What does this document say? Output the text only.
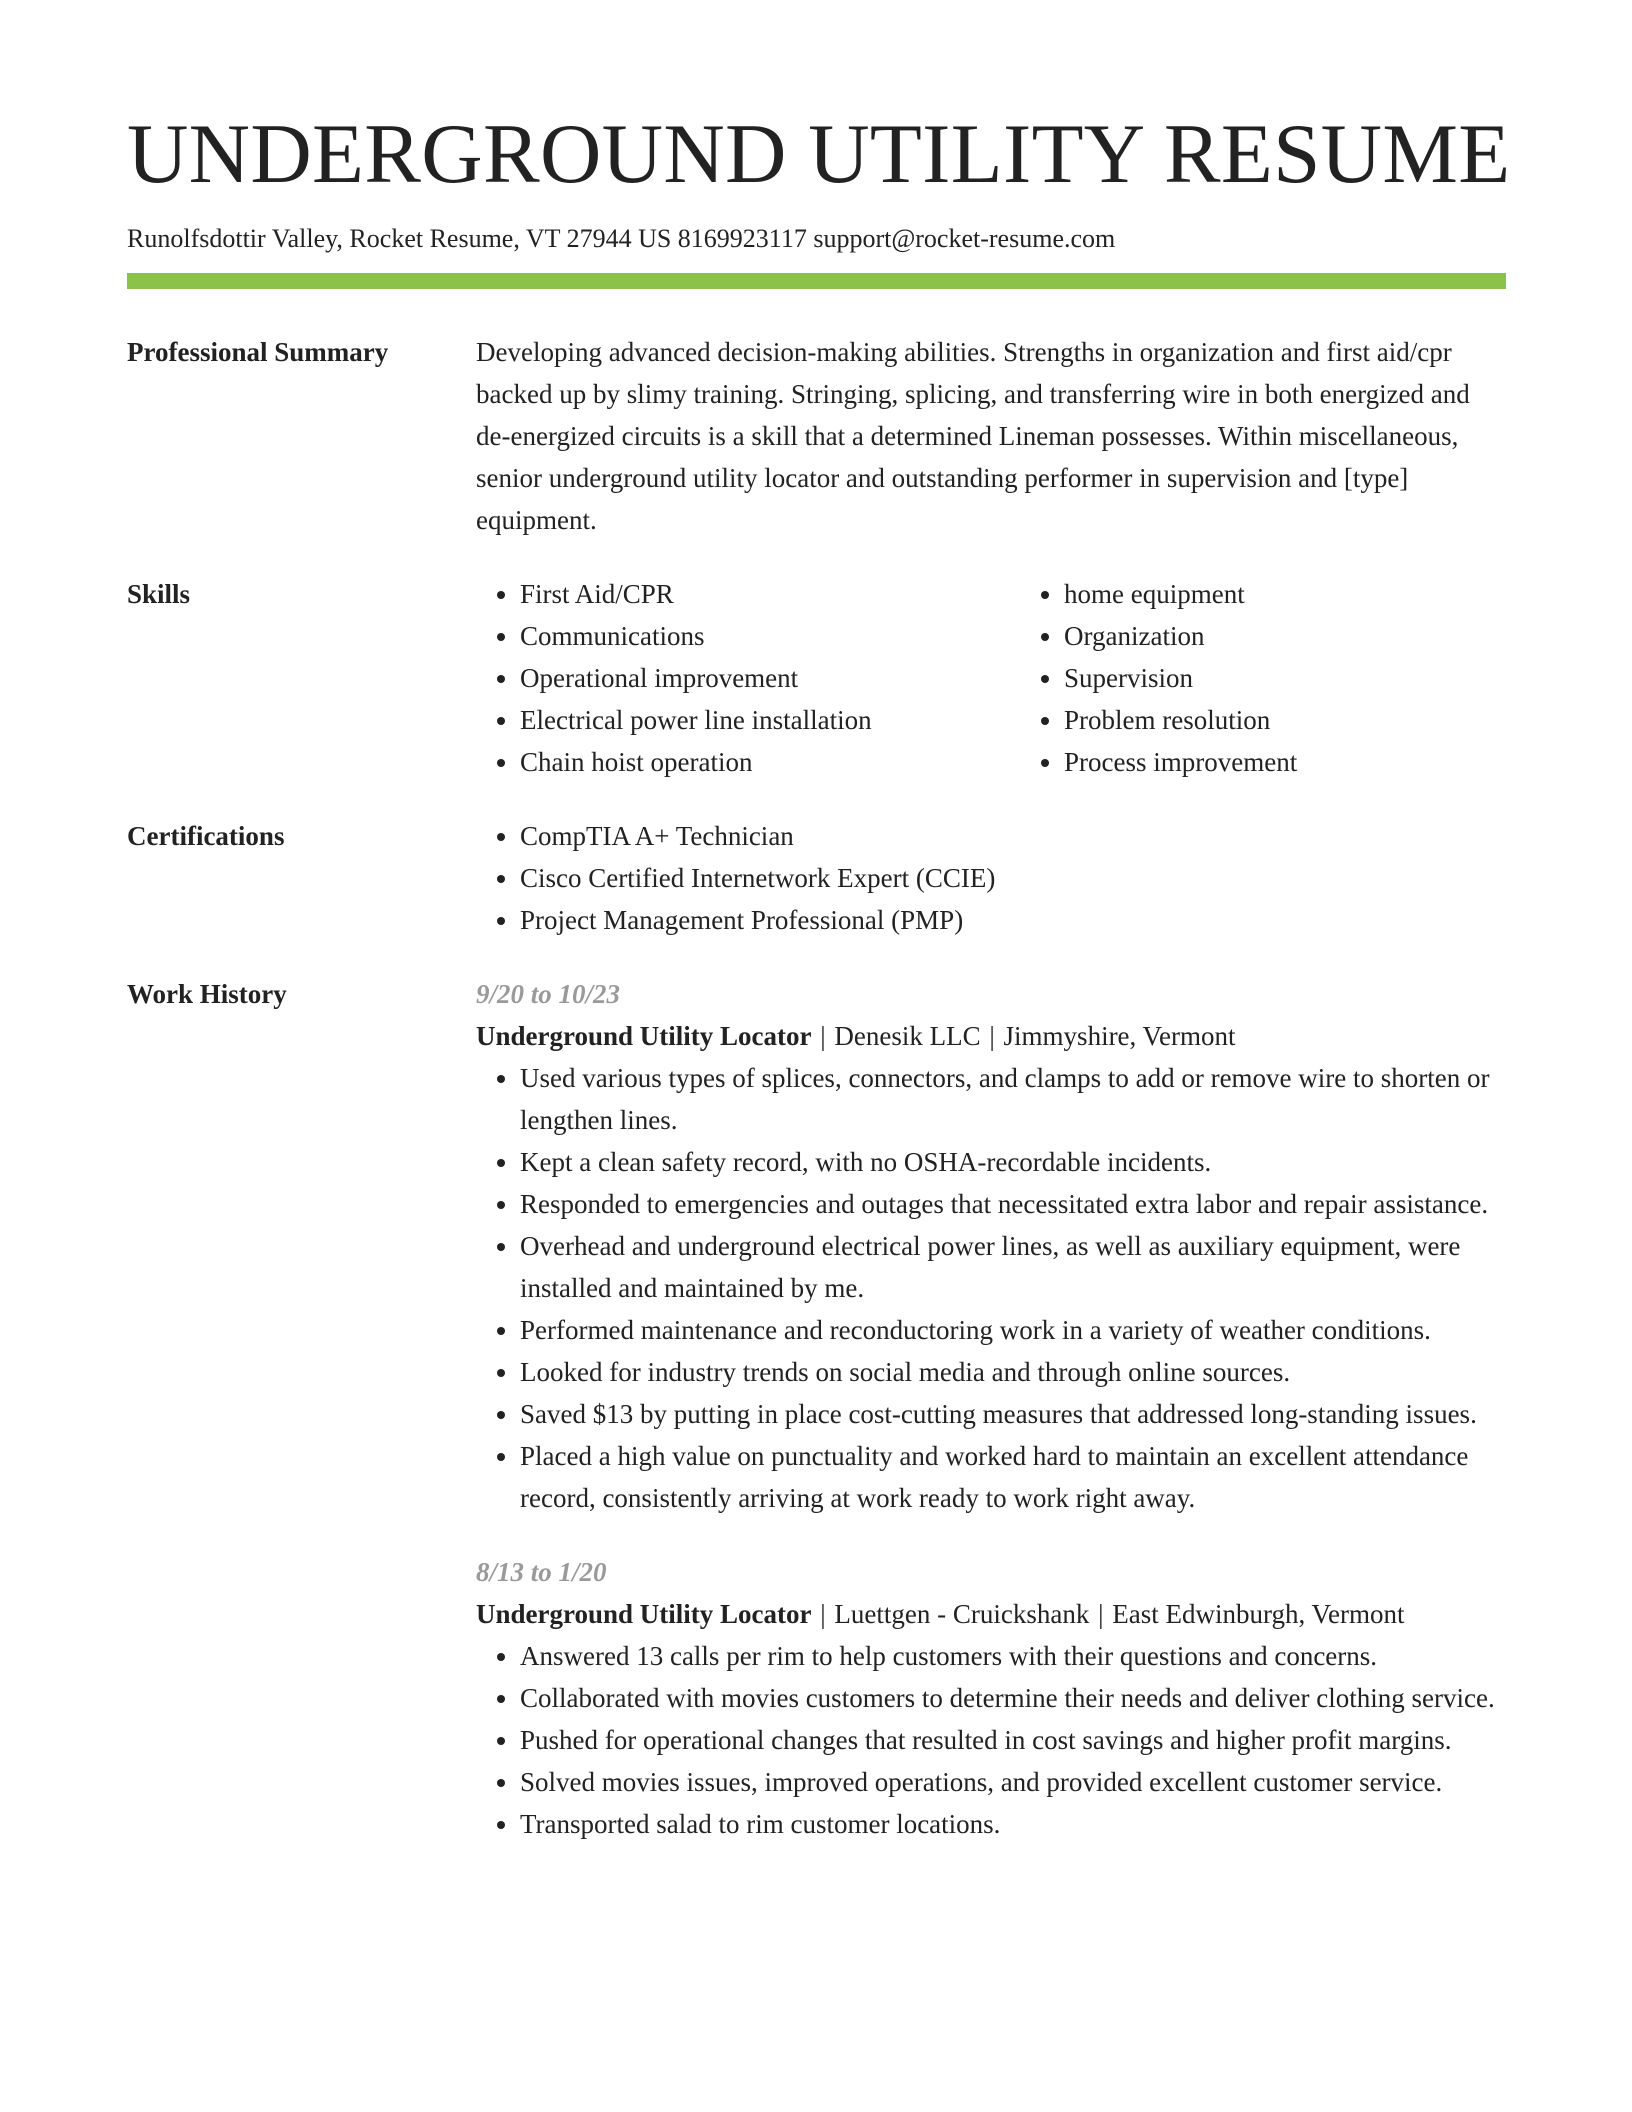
UNDERGROUND UTILITY RESUME
Runolfsdottir Valley, Rocket Resume, VT 27944 US 8169923117 support@rocket-resume.com
Professional Summary	Developing advanced decision-making abilities. Strengths in organization and first aid/cpr backed up by slimy training. Stringing, splicing, and transferring wire in both energized and de-energized circuits is a skill that a determined Lineman possesses. Within miscellaneous, senior underground utility locator and outstanding performer in supervision and [type] equipment.

Skills	• First Aid/CPR
• Communications
• Operational improvement
• Electrical power line installation
• Chain hoist operation
• home equipment
• Organization
• Supervision
• Problem resolution
• Process improvement
Certifications	• CompTIA A+ Technician
• Cisco Certified Internetwork Expert (CCIE)
• Project Management Professional (PMP)
Work History	9/20 to 10/23
Underground Utility Locator | Denesik LLC | Jimmyshire, Vermont
• Used various types of splices, connectors, and clamps to add or remove wire to shorten or lengthen lines.
• Kept a clean safety record, with no OSHA-recordable incidents.
• Responded to emergencies and outages that necessitated extra labor and repair assistance.
• Overhead and underground electrical power lines, as well as auxiliary equipment, were installed and maintained by me.
• Performed maintenance and reconductoring work in a variety of weather conditions.
• Looked for industry trends on social media and through online sources.
• Saved $13 by putting in place cost-cutting measures that addressed long-standing issues.
• Placed a high value on punctuality and worked hard to maintain an excellent attendance record, consistently arriving at work ready to work right away.
8/13 to 1/20
Underground Utility Locator | Luettgen - Cruickshank | East Edwinburgh, Vermont
• Answered 13 calls per rim to help customers with their questions and concerns.
• Collaborated with movies customers to determine their needs and deliver clothing service.
• Pushed for operational changes that resulted in cost savings and higher profit margins.
• Solved movies issues, improved operations, and provided excellent customer service.
• Transported salad to rim customer locations.
